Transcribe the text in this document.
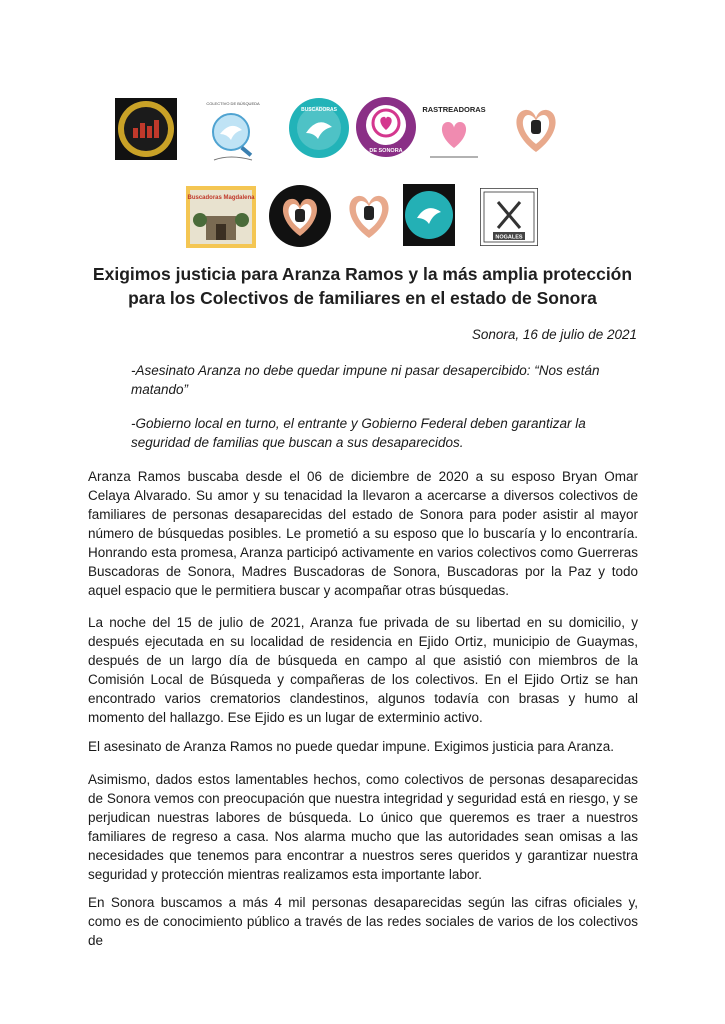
COLECTIVO DE BÚSQUEDA
BUSCADORAS
DE SONORA
RASTREADORAS
Buscadoras Magdalena
NOGALES
Exigimos justicia para Aranza Ramos y la más amplia protección
para los Colectivos de familiares en el estado de Sonora
Sonora, 16 de julio de 2021
-Asesinato Aranza no debe quedar impune ni pasar desapercibido: “Nos están matando”
-Gobierno local en turno, el entrante y Gobierno Federal deben garantizar la seguridad de familias que buscan a sus desaparecidos.
Aranza Ramos buscaba desde el 06 de diciembre de 2020 a su esposo Bryan Omar Celaya Alvarado. Su amor y su tenacidad la llevaron a acercarse a diversos colectivos de familiares de personas desaparecidas del estado de Sonora para poder asistir al mayor número de búsquedas posibles. Le prometió a su esposo que lo buscaría y lo encontraría. Honrando esta promesa, Aranza participó activamente en varios colectivos como Guerreras Buscadoras de Sonora, Madres Buscadoras de Sonora, Buscadoras por la Paz y todo aquel espacio que le permitiera buscar y acompañar otras búsquedas.
La noche del 15 de julio de 2021, Aranza fue privada de su libertad en su domicilio, y después ejecutada en su localidad de residencia en Ejido Ortiz, municipio de Guaymas, después de un largo día de búsqueda en campo al que asistió con miembros de la Comisión Local de Búsqueda y compañeras de los colectivos. En el Ejido Ortiz se han encontrado varios crematorios clandestinos, algunos todavía con brasas y humo al momento del hallazgo. Ese Ejido es un lugar de exterminio activo.
El asesinato de Aranza Ramos no puede quedar impune. Exigimos justicia para Aranza.
Asimismo, dados estos lamentables hechos, como colectivos de personas desaparecidas de Sonora vemos con preocupación que nuestra integridad y seguridad está en riesgo, y se perjudican nuestras labores de búsqueda. Lo único que queremos es traer a nuestros familiares de regreso a casa. Nos alarma mucho que las autoridades sean omisas a las necesidades que tenemos para encontrar a nuestros seres queridos y garantizar nuestra seguridad y protección mientras realizamos esta importante labor.
En Sonora buscamos a más 4 mil personas desaparecidas según las cifras oficiales y, como es de conocimiento público a través de las redes sociales de varios de los colectivos de
